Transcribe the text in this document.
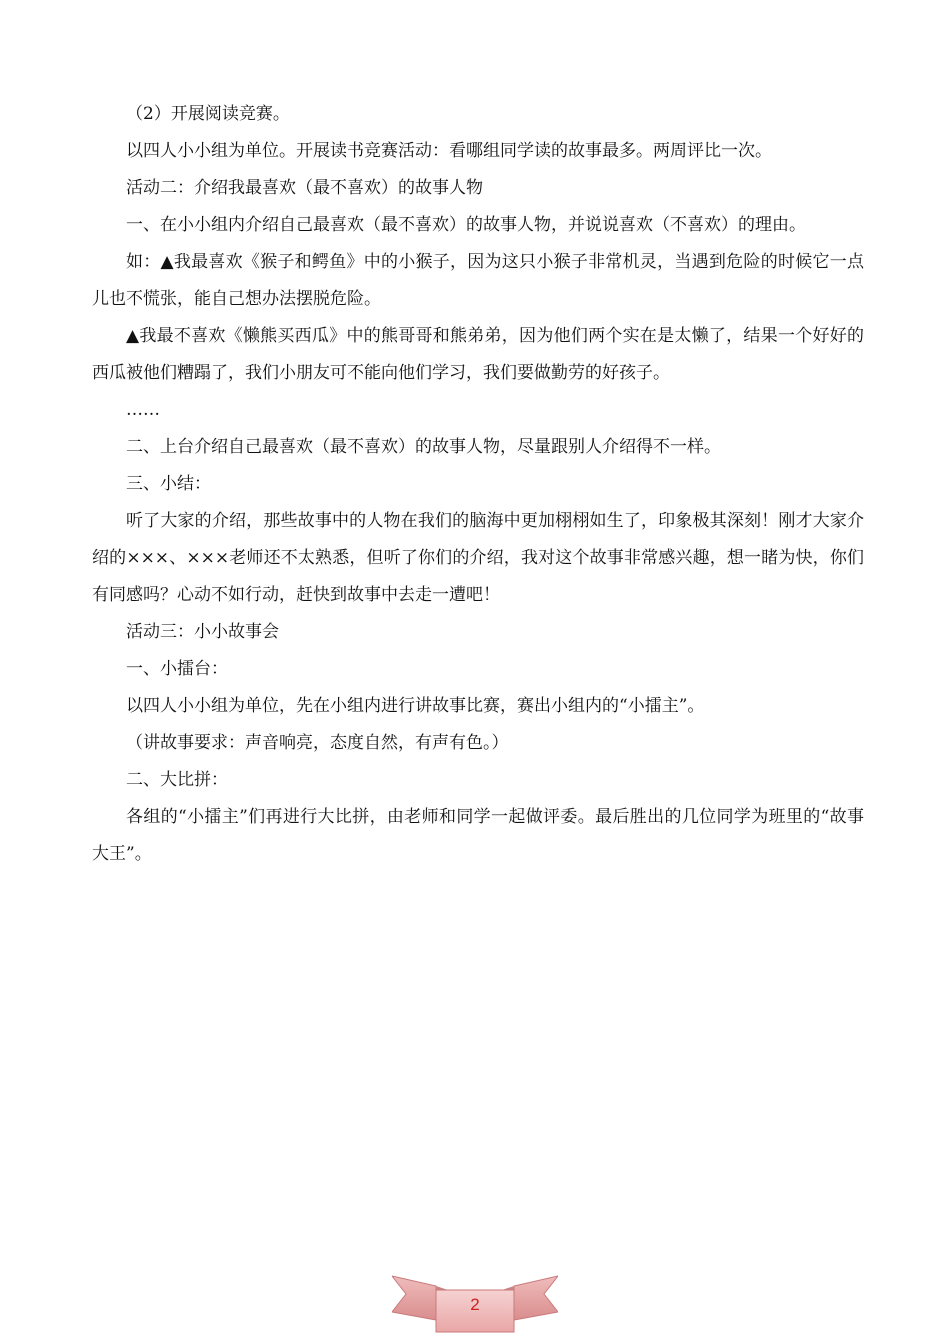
（2）开展阅读竞赛。

以四人小小组为单位。开展读书竞赛活动：看哪组同学读的故事最多。两周评比一次。

活动二：介绍我最喜欢（最不喜欢）的故事人物

一、在小小组内介绍自己最喜欢（最不喜欢）的故事人物，并说说喜欢（不喜欢）的理由。

如：▲我最喜欢《猴子和鳄鱼》中的小猴子，因为这只小猴子非常机灵，当遇到危险的时候它一点儿也不慌张，能自己想办法摆脱危险。

▲我最不喜欢《懒熊买西瓜》中的熊哥哥和熊弟弟，因为他们两个实在是太懒了，结果一个好好的西瓜被他们糟蹋了，我们小朋友可不能向他们学习，我们要做勤劳的好孩子。

……

二、上台介绍自己最喜欢（最不喜欢）的故事人物，尽量跟别人介绍得不一样。

三、小结：

听了大家的介绍，那些故事中的人物在我们的脑海中更加栩栩如生了，印象极其深刻！刚才大家介绍的×××、×××老师还不太熟悉，但听了你们的介绍，我对这个故事非常感兴趣，想一睹为快，你们有同感吗？心动不如行动，赶快到故事中去走一遭吧！

活动三：小小故事会

一、小擂台：

以四人小小组为单位，先在小组内进行讲故事比赛，赛出小组内的“小擂主”。

（讲故事要求：声音响亮，态度自然，有声有色。）

二、大比拼：

各组的“小擂主”们再进行大比拼，由老师和同学一起做评委。最后胜出的几位同学为班里的“故事大王”。

2
